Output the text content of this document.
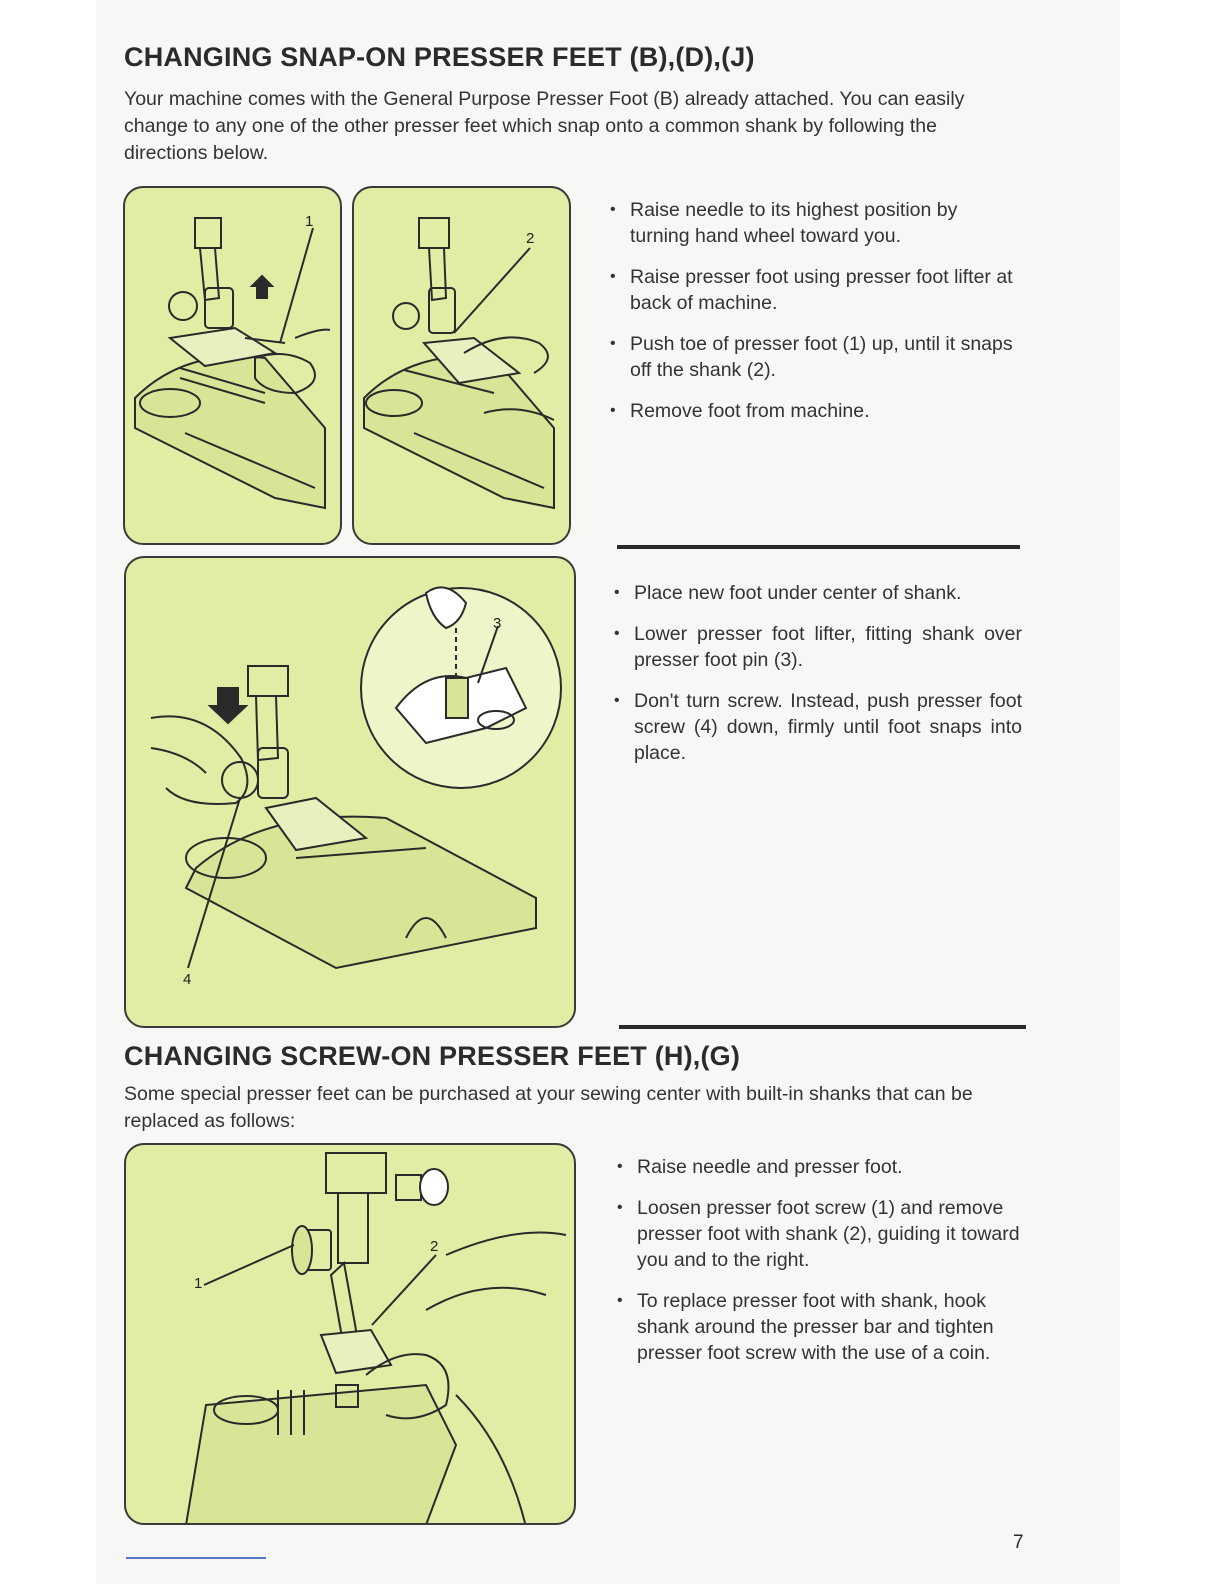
CHANGING SNAP-ON PRESSER FEET (B),(D),(J)

Your machine comes with the General Purpose Presser Foot (B) already attached. You can easily change to any one of the other presser feet which snap onto a common shank by following the directions below.

1
2
• Raise needle to its highest position by turning hand wheel toward you.
• Raise presser foot using presser foot lifter at back of machine.
• Push toe of presser foot (1) up, until it snaps off the shank (2).
• Remove foot from machine.
3
4
• Place new foot under center of shank.
• Lower presser foot lifter, fitting shank over presser foot pin (3).
• Don't turn screw. Instead, push presser foot screw (4) down, firmly until foot snaps into place.
CHANGING SCREW-ON PRESSER FEET (H),(G)

Some special presser feet can be purchased at your sewing center with built-in shanks that can be replaced as follows:

1
2
• Raise needle and presser foot.
• Loosen presser foot screw (1) and remove presser foot with shank (2), guiding it toward you and to the right.
• To replace presser foot with shank, hook shank around the presser bar and tighten presser foot screw with the use of a coin.
7
